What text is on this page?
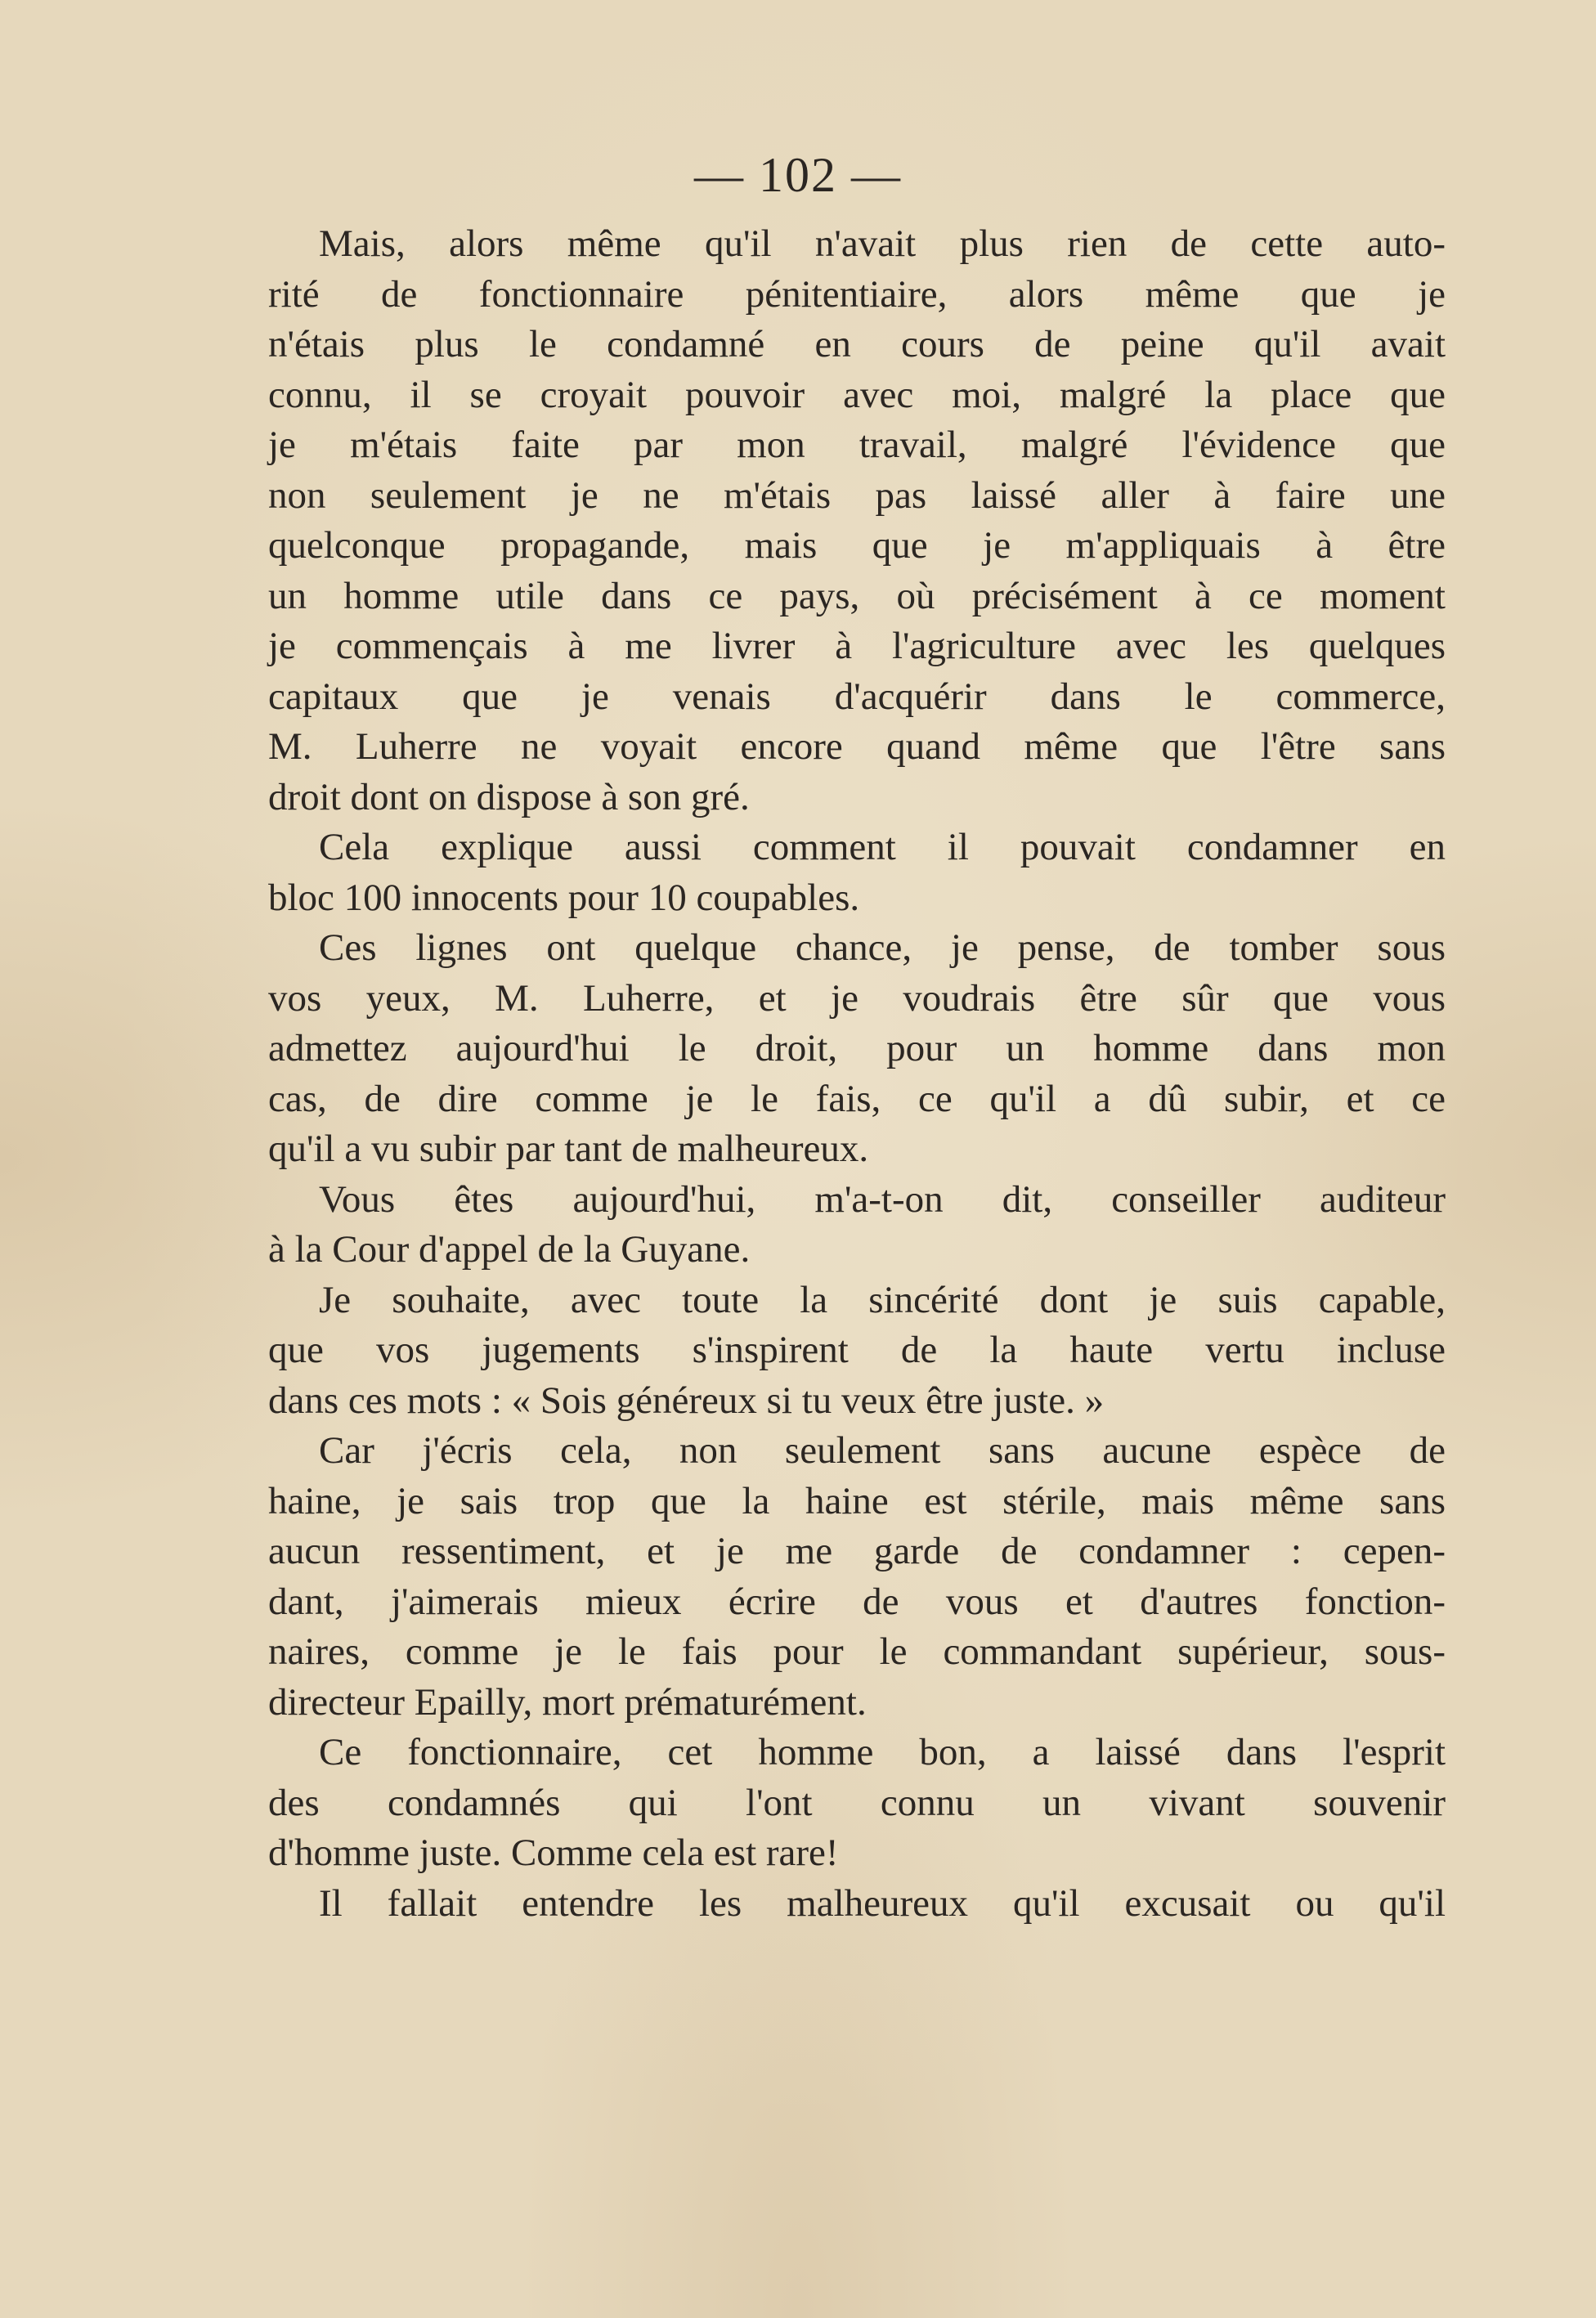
— 102 —
Mais, alors même qu'il n'avait plus rien de cette auto-
rité de fonctionnaire pénitentiaire, alors même que je
n'étais plus le condamné en cours de peine qu'il avait
connu, il se croyait pouvoir avec moi, malgré la place que
je m'étais faite par mon travail, malgré l'évidence que
non seulement je ne m'étais pas laissé aller à faire une
quelconque propagande, mais que je m'appliquais à être
un homme utile dans ce pays, où précisément à ce moment
je commençais à me livrer à l'agriculture avec les quelques
capitaux que je venais d'acquérir dans le commerce,
M. Luherre ne voyait encore quand même que l'être sans
droit dont on dispose à son gré.
Cela explique aussi comment il pouvait condamner en
bloc 100 innocents pour 10 coupables.
Ces lignes ont quelque chance, je pense, de tomber sous
vos yeux, M. Luherre, et je voudrais être sûr que vous
admettez aujourd'hui le droit, pour un homme dans mon
cas, de dire comme je le fais, ce qu'il a dû subir, et ce
qu'il a vu subir par tant de malheureux.
Vous êtes aujourd'hui, m'a-t-on dit, conseiller auditeur
à la Cour d'appel de la Guyane.
Je souhaite, avec toute la sincérité dont je suis capable,
que vos jugements s'inspirent de la haute vertu incluse
dans ces mots : « Sois généreux si tu veux être juste. »
Car j'écris cela, non seulement sans aucune espèce de
haine, je sais trop que la haine est stérile, mais même sans
aucun ressentiment, et je me garde de condamner : cepen-
dant, j'aimerais mieux écrire de vous et d'autres fonction-
naires, comme je le fais pour le commandant supérieur, sous-
directeur Epailly, mort prématurément.
Ce fonctionnaire, cet homme bon, a laissé dans l'esprit
des condamnés qui l'ont connu un vivant souvenir
d'homme juste. Comme cela est rare!
Il fallait entendre les malheureux qu'il excusait ou qu'il
